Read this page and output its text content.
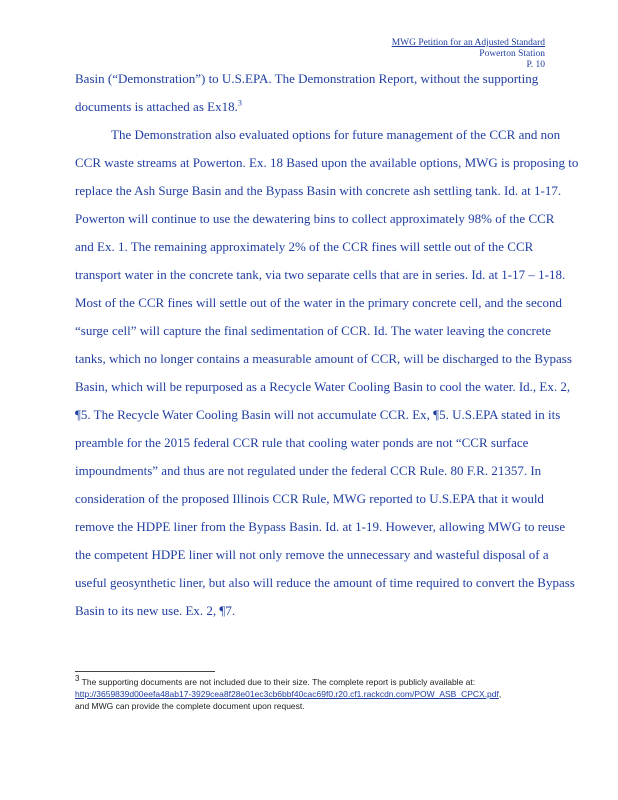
MWG Petition for an Adjusted Standard
Powerton Station
P. 10
Basin (“Demonstration”) to U.S.EPA. The Demonstration Report, without the supporting
documents is attached as Ex18.$^3$
The Demonstration also evaluated options for future management of the CCR and non
CCR waste streams at Powerton. Ex. 18 Based upon the available options, MWG is proposing to
replace the Ash Surge Basin and the Bypass Basin with concrete ash settling tank. Id. at 1-17.
Powerton will continue to use the dewatering bins to collect approximately 98% of the CCR
and Ex. 1. The remaining approximately 2% of the CCR fines will settle out of the CCR
transport water in the concrete tank, via two separate cells that are in series. Id. at 1-17 – 1-18.
Most of the CCR fines will settle out of the water in the primary concrete cell, and the second
“surge cell” will capture the final sedimentation of CCR. Id. The water leaving the concrete
tanks, which no longer contains a measurable amount of CCR, will be discharged to the Bypass
Basin, which will be repurposed as a Recycle Water Cooling Basin to cool the water. Id., Ex. 2,
¶5. The Recycle Water Cooling Basin will not accumulate CCR. Ex, ¶5. U.S.EPA stated in its
preamble for the 2015 federal CCR rule that cooling water ponds are not “CCR surface
impoundments” and thus are not regulated under the federal CCR Rule. 80 F.R. 21357. In
consideration of the proposed Illinois CCR Rule, MWG reported to U.S.EPA that it would
remove the HDPE liner from the Bypass Basin. Id. at 1-19. However, allowing MWG to reuse
the competent HDPE liner will not only remove the unnecessary and wasteful disposal of a
useful geosynthetic liner, but also will reduce the amount of time required to convert the Bypass
Basin to its new use. Ex. 2, ¶7.
$^3$ The supporting documents are not included due to their size. The complete report is publicly available at:
http://3659839d00eefa48ab17-3929cea8f28e01ec3cb6bbf40cac69f0.r20.cf1.rackcdn.com/POW_ASB_CPCX.pdf,
and MWG can provide the complete document upon request.
